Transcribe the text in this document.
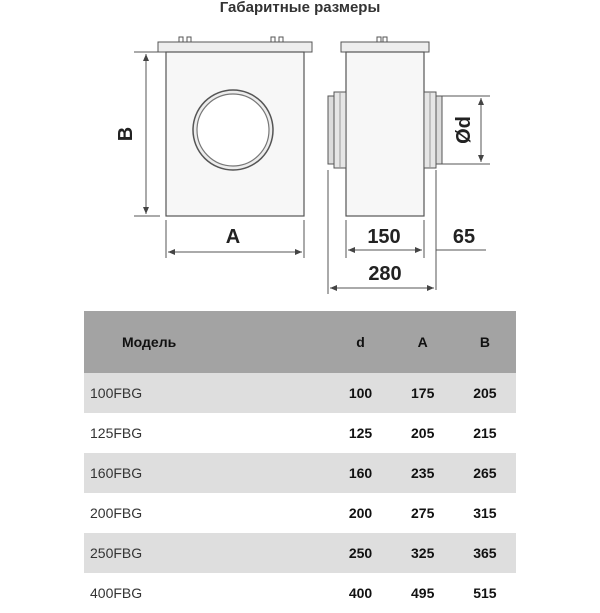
Габаритные размеры
B
A
Ød
150	65
280
Модель	d	A	B
100FBG	100	175	205
125FBG	125	205	215
160FBG	160	235	265
200FBG	200	275	315
250FBG	250	325	365
400FBG	400	495	515
